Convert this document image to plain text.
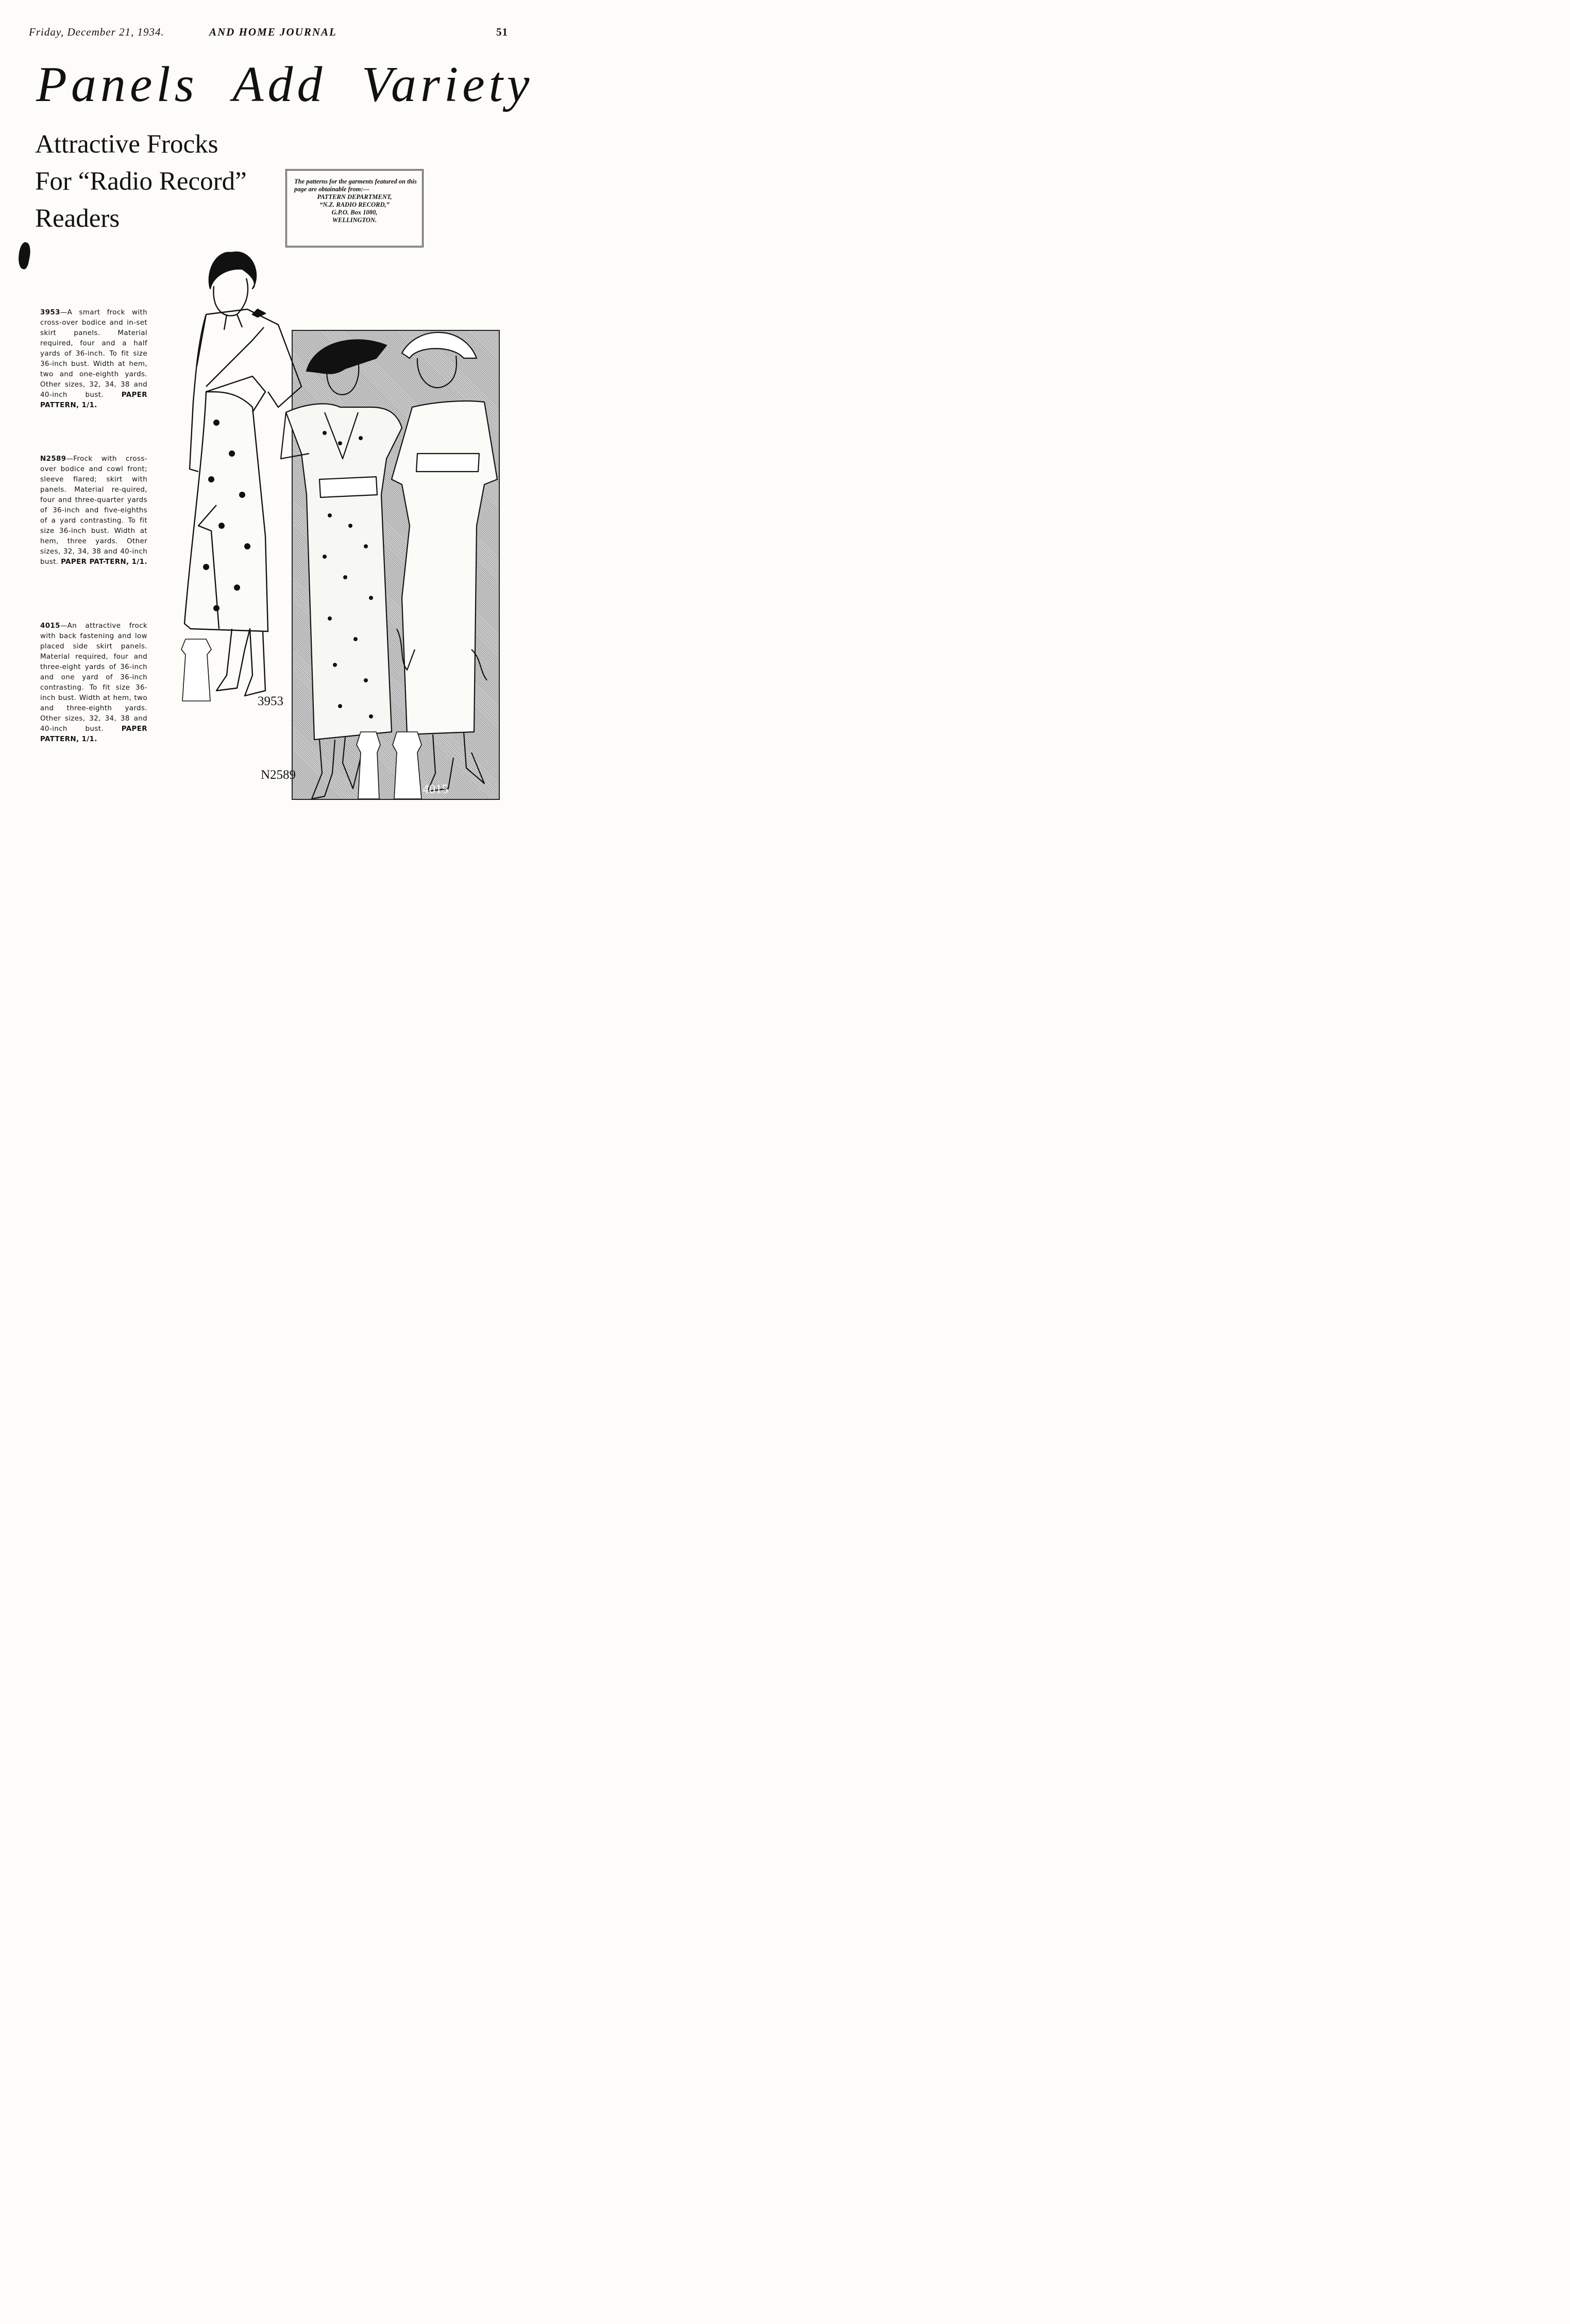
Friday, December 21, 1934.	AND HOME JOURNAL	51
Panels Add Variety
Attractive Frocks
For “Radio Record”
Readers
The patterns for the garments featured on this page are obtainable from:—
PATTERN DEPARTMENT,
“N.Z. RADIO RECORD,”
G.P.O. Box 1080,
WELLINGTON.
3953—A smart frock with cross-over bodice and in-set skirt panels. Material required, four and a half yards of 36-inch. To fit size 36-inch bust. Width at hem, two and one-eighth yards. Other sizes, 32, 34, 38 and 40-inch bust.	PAPER PATTERN, 1/1.
N2589—Frock with cross-over bodice and cowl front; sleeve flared; skirt with panels. Material re-quired, four and three-quarter yards of 36-inch and five-eighths of a yard contrasting. To fit size 36-inch bust. Width at hem, three yards. Other sizes, 32, 34, 38 and 40-inch bust. PAPER PAT-TERN, 1/1.
4015—An attractive frock with back fastening and low placed side skirt panels. Material required, four and three-eight yards of 36-inch and one yard of 36-inch contrasting. To fit size 36-inch bust. Width at hem, two and three-eighth yards. Other sizes, 32, 34, 38 and 40-inch bust.	PAPER PATTERN, 1/1.
3953
N2589
4015
